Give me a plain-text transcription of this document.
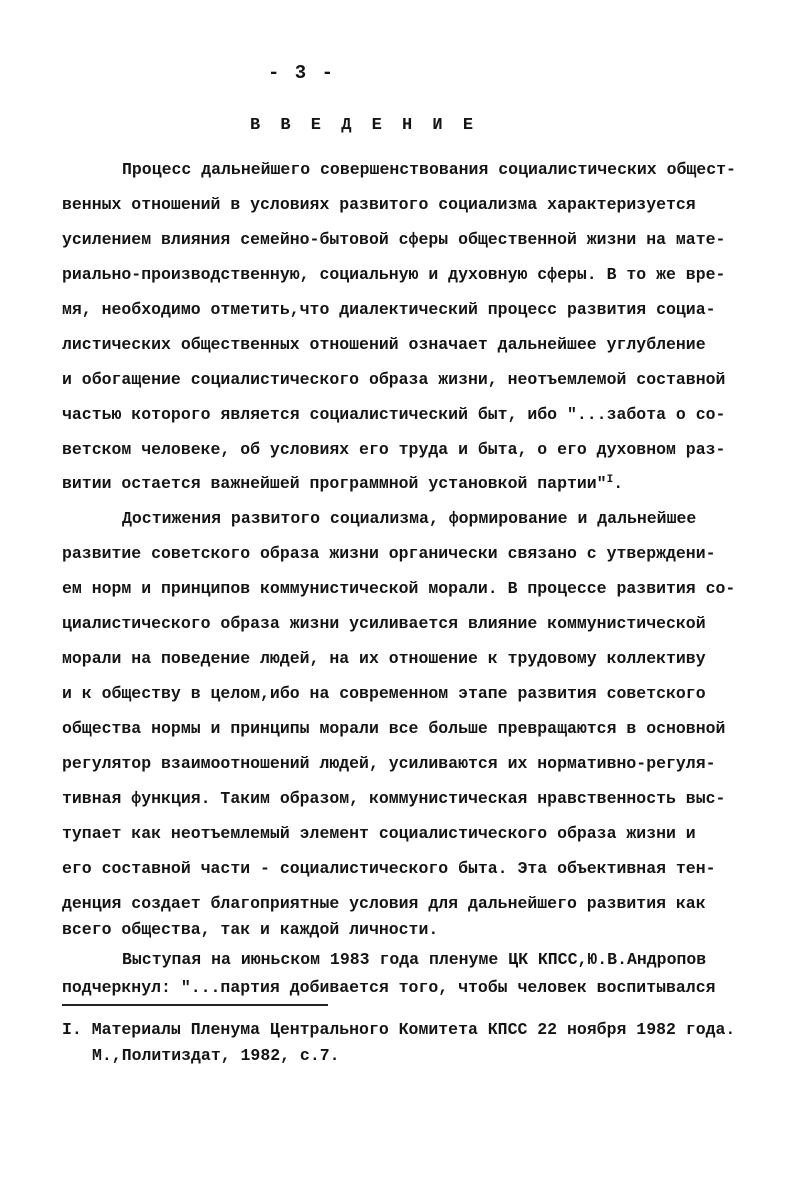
- 3 -
В В Е Д Е Н И Е
Процесс дальнейшего совершенствования социалистических общест-
венных отношений в условиях развитого социализма характеризуется
усилением влияния семейно-бытовой сферы общественной жизни на мате-
риально-производственную, социальную и духовную сферы. В то же вре-
мя, необходимо отметить,что диалектический процесс развития социа-
листических общественных отношений означает дальнейшее углубление
и обогащение социалистического образа жизни, неотъемлемой составной
частью которого является социалистический быт, ибо "...забота о со-
ветском человеке, об условиях его труда и быта, о его духовном раз-
витии остается важнейшей программной установкой партии"$^I$.
Достижения развитого социализма, формирование и дальнейшее
развитие советского образа жизни органически связано с утверждени-
ем норм и принципов коммунистической морали. В процессе развития со-
циалистического образа жизни усиливается влияние коммунистической
морали на поведение людей, на их отношение к трудовому коллективу
и к обществу в целом,ибо на современном этапе развития советского
общества нормы и принципы морали все больше превращаются в основной
регулятор взаимоотношений людей, усиливаются их нормативно-регуля-
тивная функция. Таким образом, коммунистическая нравственность выс-
тупает как неотъемлемый элемент социалистического образа жизни и
его составной части - социалистического быта. Эта объективная тен-
денция создает благоприятные условия для дальнейшего развития как
всего общества, так и каждой личности.
Выступая на июньском 1983 года пленуме ЦК КПСС,Ю.В.Андропов
I. Материалы Пленума Центрального Комитета КПСС 22 ноября 1982 года.
М.,Политиздат, 1982, с.7.
подчеркнул: "...партия добивается того, чтобы человек воспитывался
